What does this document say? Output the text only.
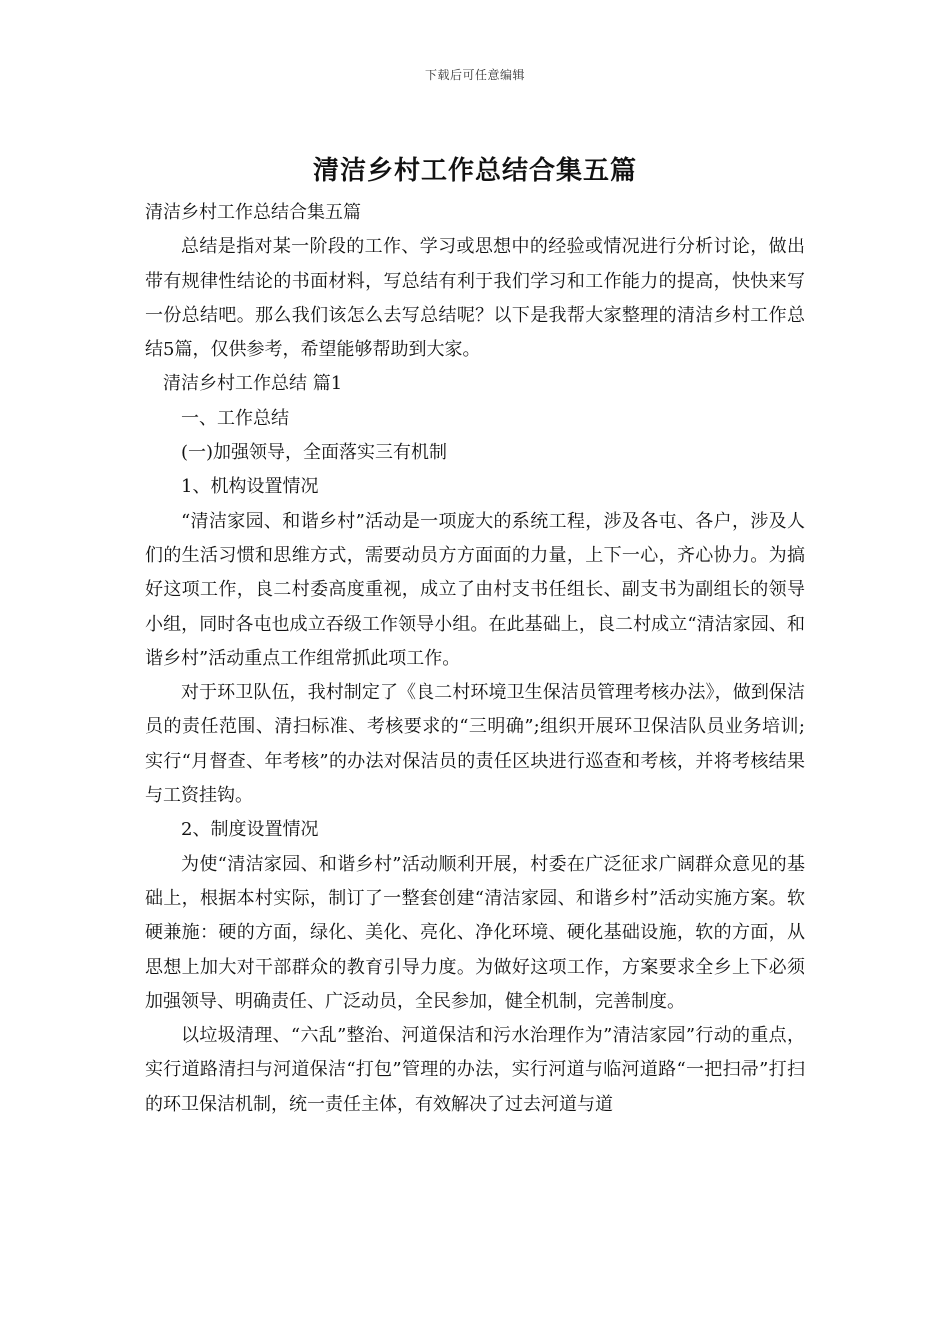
下载后可任意编辑
清洁乡村工作总结合集五篇

清洁乡村工作总结合集五篇

总结是指对某一阶段的工作、学习或思想中的经验或情况进行分析讨论，做出带有规律性结论的书面材料，写总结有利于我们学习和工作能力的提高，快快来写一份总结吧。那么我们该怎么去写总结呢？以下是我帮大家整理的清洁乡村工作总结5篇，仅供参考，希望能够帮助到大家。

清洁乡村工作总结 篇1

一、工作总结

(一)加强领导，全面落实三有机制

1、机构设置情况

“清洁家园、和谐乡村”活动是一项庞大的系统工程，涉及各屯、各户，涉及人们的生活习惯和思维方式，需要动员方方面面的力量，上下一心，齐心协力。为搞好这项工作，良二村委高度重视，成立了由村支书任组长、副支书为副组长的领导小组，同时各屯也成立吞级工作领导小组。在此基础上，良二村成立“清洁家园、和谐乡村”活动重点工作组常抓此项工作。

对于环卫队伍，我村制定了《良二村环境卫生保洁员管理考核办法》，做到保洁员的责任范围、清扫标准、考核要求的“三明确”;组织开展环卫保洁队员业务培训;实行“月督查、年考核”的办法对保洁员的责任区块进行巡查和考核，并将考核结果与工资挂钩。

2、制度设置情况

为使“清洁家园、和谐乡村”活动顺利开展，村委在广泛征求广阔群众意见的基础上，根据本村实际，制订了一整套创建“清洁家园、和谐乡村”活动实施方案。软硬兼施：硬的方面，绿化、美化、亮化、净化环境、硬化基础设施，软的方面，从思想上加大对干部群众的教育引导力度。为做好这项工作，方案要求全乡上下必须加强领导、明确责任、广泛动员，全民参加，健全机制，完善制度。

以垃圾清理、“六乱”整治、河道保洁和污水治理作为”清洁家园”行动的重点，实行道路清扫与河道保洁“打包”管理的办法，实行河道与临河道路“一把扫帚”打扫的环卫保洁机制，统一责任主体，有效解决了过去河道与道
